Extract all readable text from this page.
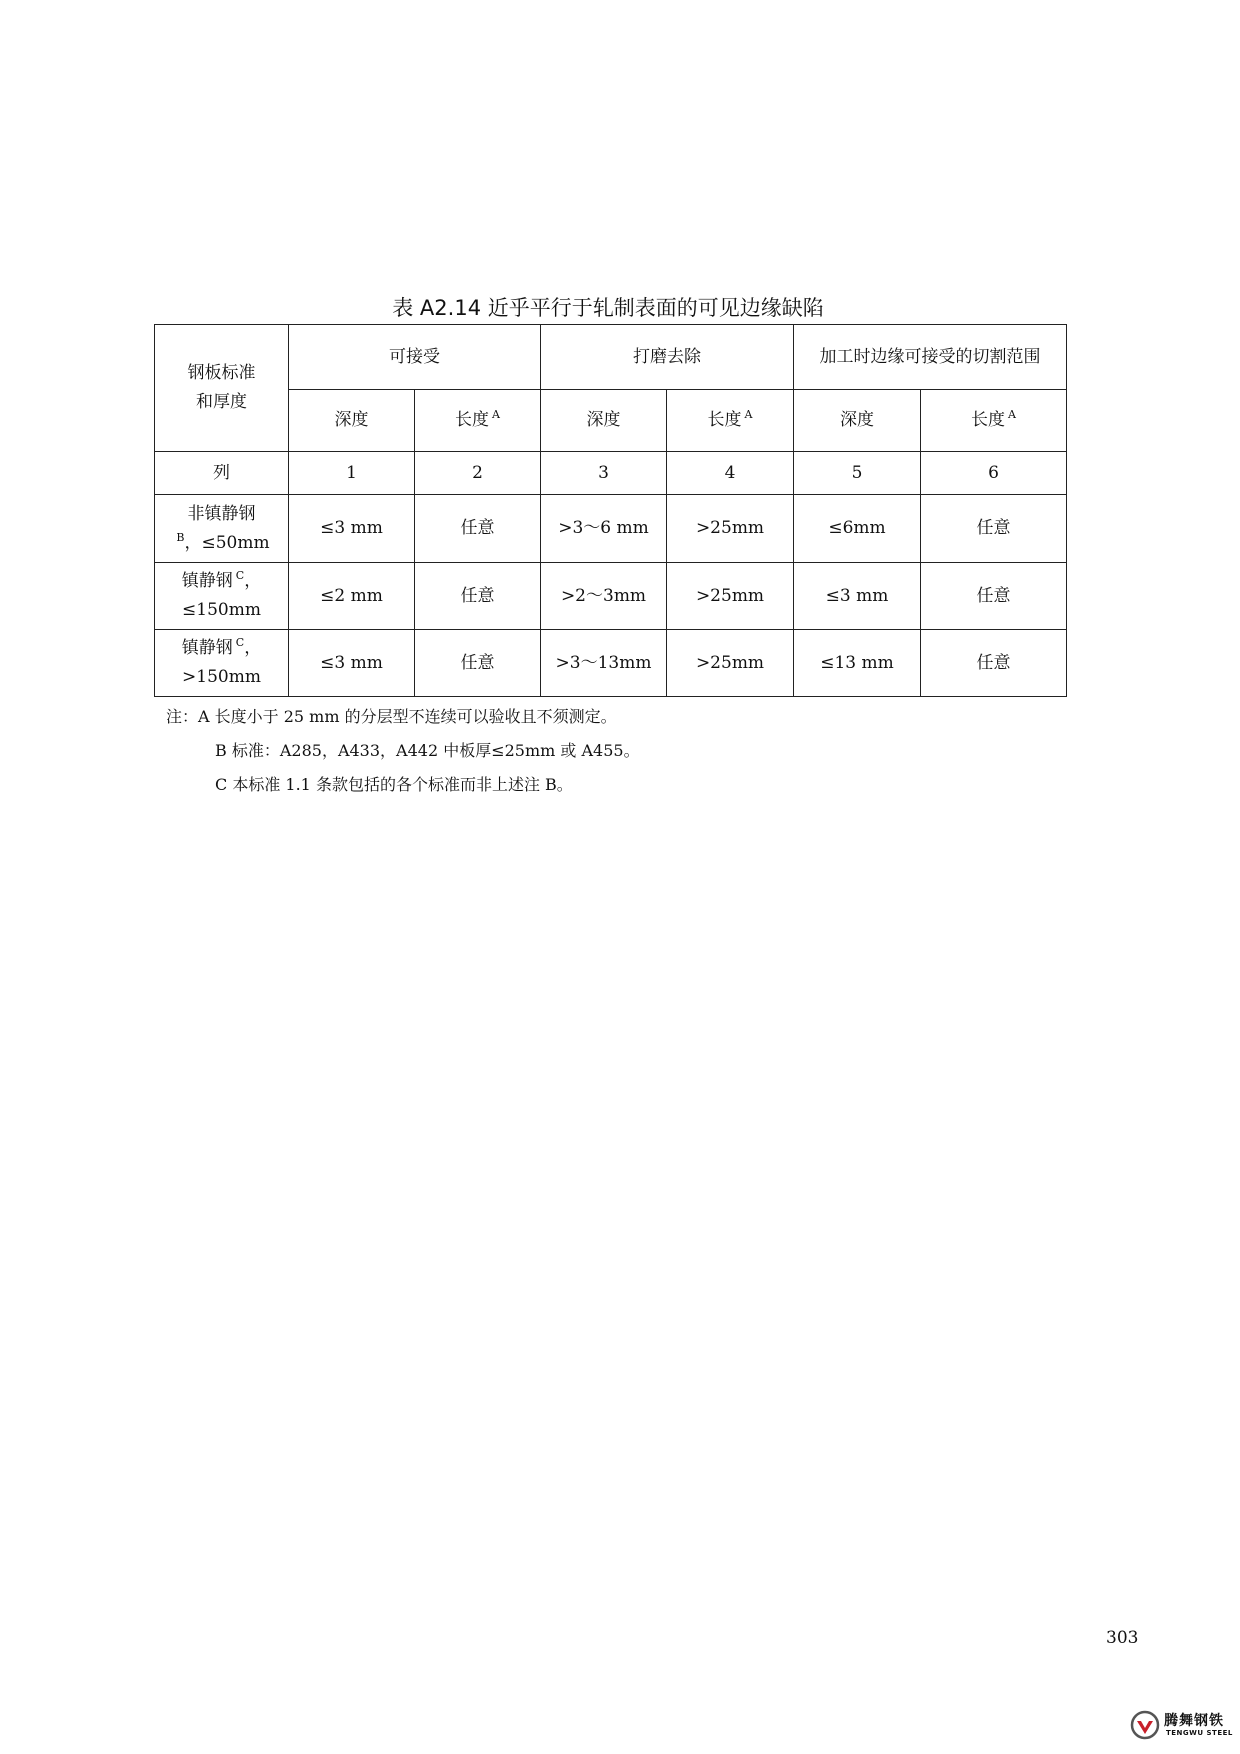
表 A2.14 近乎平行于轧制表面的可见边缘缺陷
钢板标准
和厚度	可接受		打磨去除		加工时边缘可接受的切割范围	
	深度	长度 $^A$	深度	长度 $^A$	深度	长度 $^A$
列	1	2	3	4	5	6

非镇静钢
$^B$，≤50mm	≤3 mm	任意	>3～6 mm	>25mm	≤6mm	任意

镇静钢 $^C$，
≤150mm	≤2 mm	任意	>2～3mm	>25mm	≤3 mm	任意

镇静钢 $^C$，
>150mm	≤3 mm	任意	>3～13mm	>25mm	≤13 mm	任意
注：A 长度小于 25 mm 的分层型不连续可以验收且不须测定。
B 标准：A285，A433，A442 中板厚≤25mm 或 A455。
C 本标准 1.1 条款包括的各个标准而非上述注 B。
303
腾舞钢铁
TENGWU STEEL
